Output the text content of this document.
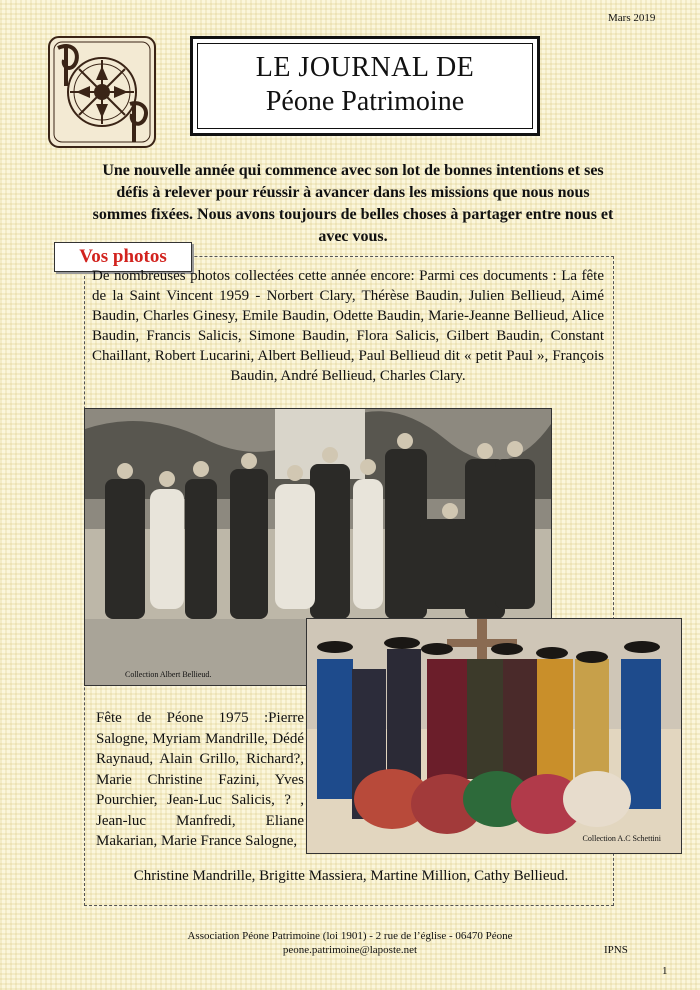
Mars 2019
LE JOURNAL DE
Péone Patrimoine
Une nouvelle année qui commence avec son lot de bonnes intentions et ses défis à relever pour réussir à avancer dans les missions que nous nous sommes fixées. Nous avons toujours de belles choses à partager entre nous et avec vous.
Vos photos
De nombreuses photos collectées cette année encore: Parmi ces documents : La fête de la Saint Vincent 1959 - Norbert Clary, Thérèse Baudin, Julien Bellieud, Aimé Baudin, Charles Ginesy, Emile Baudin, Odette Baudin, Marie-Jeanne Bellieud, Alice Baudin, Francis Salicis, Simone Baudin, Flora Salicis, Gilbert Baudin, Constant Chaillant, Robert Lucarini, Albert Bellieud, Paul Bellieud dit « petit Paul », François Baudin, André Bellieud, Charles Clary.
Collection Albert Bellieud.
Collection A.C Schettini
Fête de Péone 1975 :Pierre Salogne, Myriam Mandrille, Dédé Raynaud, Alain Grillo, Richard?, Marie Christine Fazini, Yves Pourchier, Jean-Luc Salicis, ? , Jean-luc Manfredi, Eliane Makarian, Marie France Salogne,
Christine Mandrille, Brigitte Massiera, Martine Million, Cathy Bellieud.
Association Péone Patrimoine (loi 1901) - 2 rue de l’église - 06470 Péone
peone.patrimoine@laposte.net	IPNS
1
